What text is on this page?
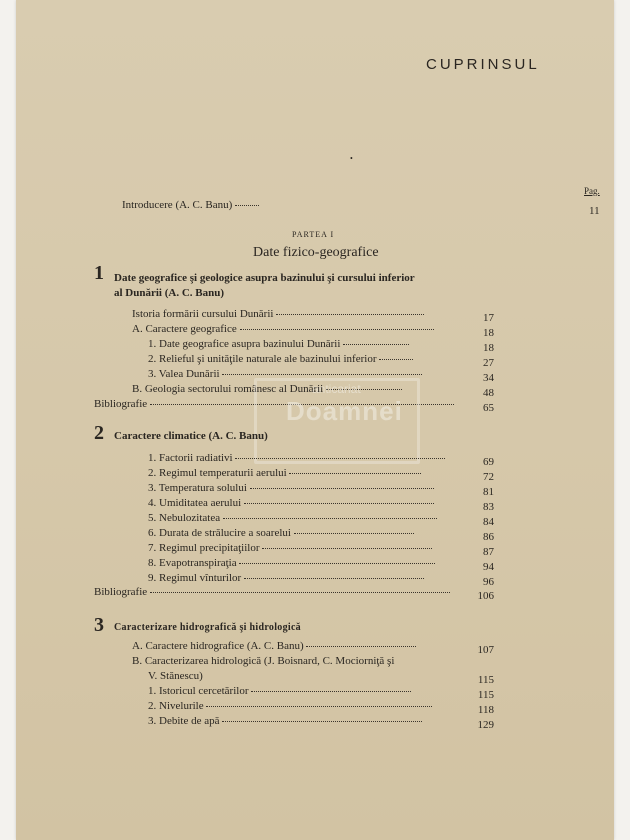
CUPRINSUL
•
Pag.
Introducere (A. C. Banu)	11
PARTEA I
Date fizico-geografice
1 Date geografice şi geologice asupra bazinului şi cursului inferior
al Dunării (A. C. Banu)
Istoria formării cursului Dunării	17
A. Caractere geografice	18
1. Date geografice asupra bazinului Dunării	18
2. Relieful şi unităţile naturale ale bazinului inferior	27
3. Valea Dunării	34
B. Geologia sectorului românesc al Dunării	48
Bibliografie	65
anticariat
Doamnei
2 Caractere climatice (A. C. Banu)
1. Factorii radiativi	69
2. Regimul temperaturii aerului	72
3. Temperatura solului	81
4. Umiditatea aerului	83
5. Nebulozitatea	84
6. Durata de strălucire a soarelui	86
7. Regimul precipitaţiilor	87
8. Evapotranspiraţia	94
9. Regimul vînturilor	96
Bibliografie	106
3 Caracterizare hidrografică şi hidrologică
A. Caractere hidrografice (A. C. Banu)	107
B. Caracterizarea hidrologică (J. Boisnard, C. Mociorniţă şi
V. Stănescu)	115
1. Istoricul cercetărilor	115
2. Nivelurile	118
3. Debite de apă	129
